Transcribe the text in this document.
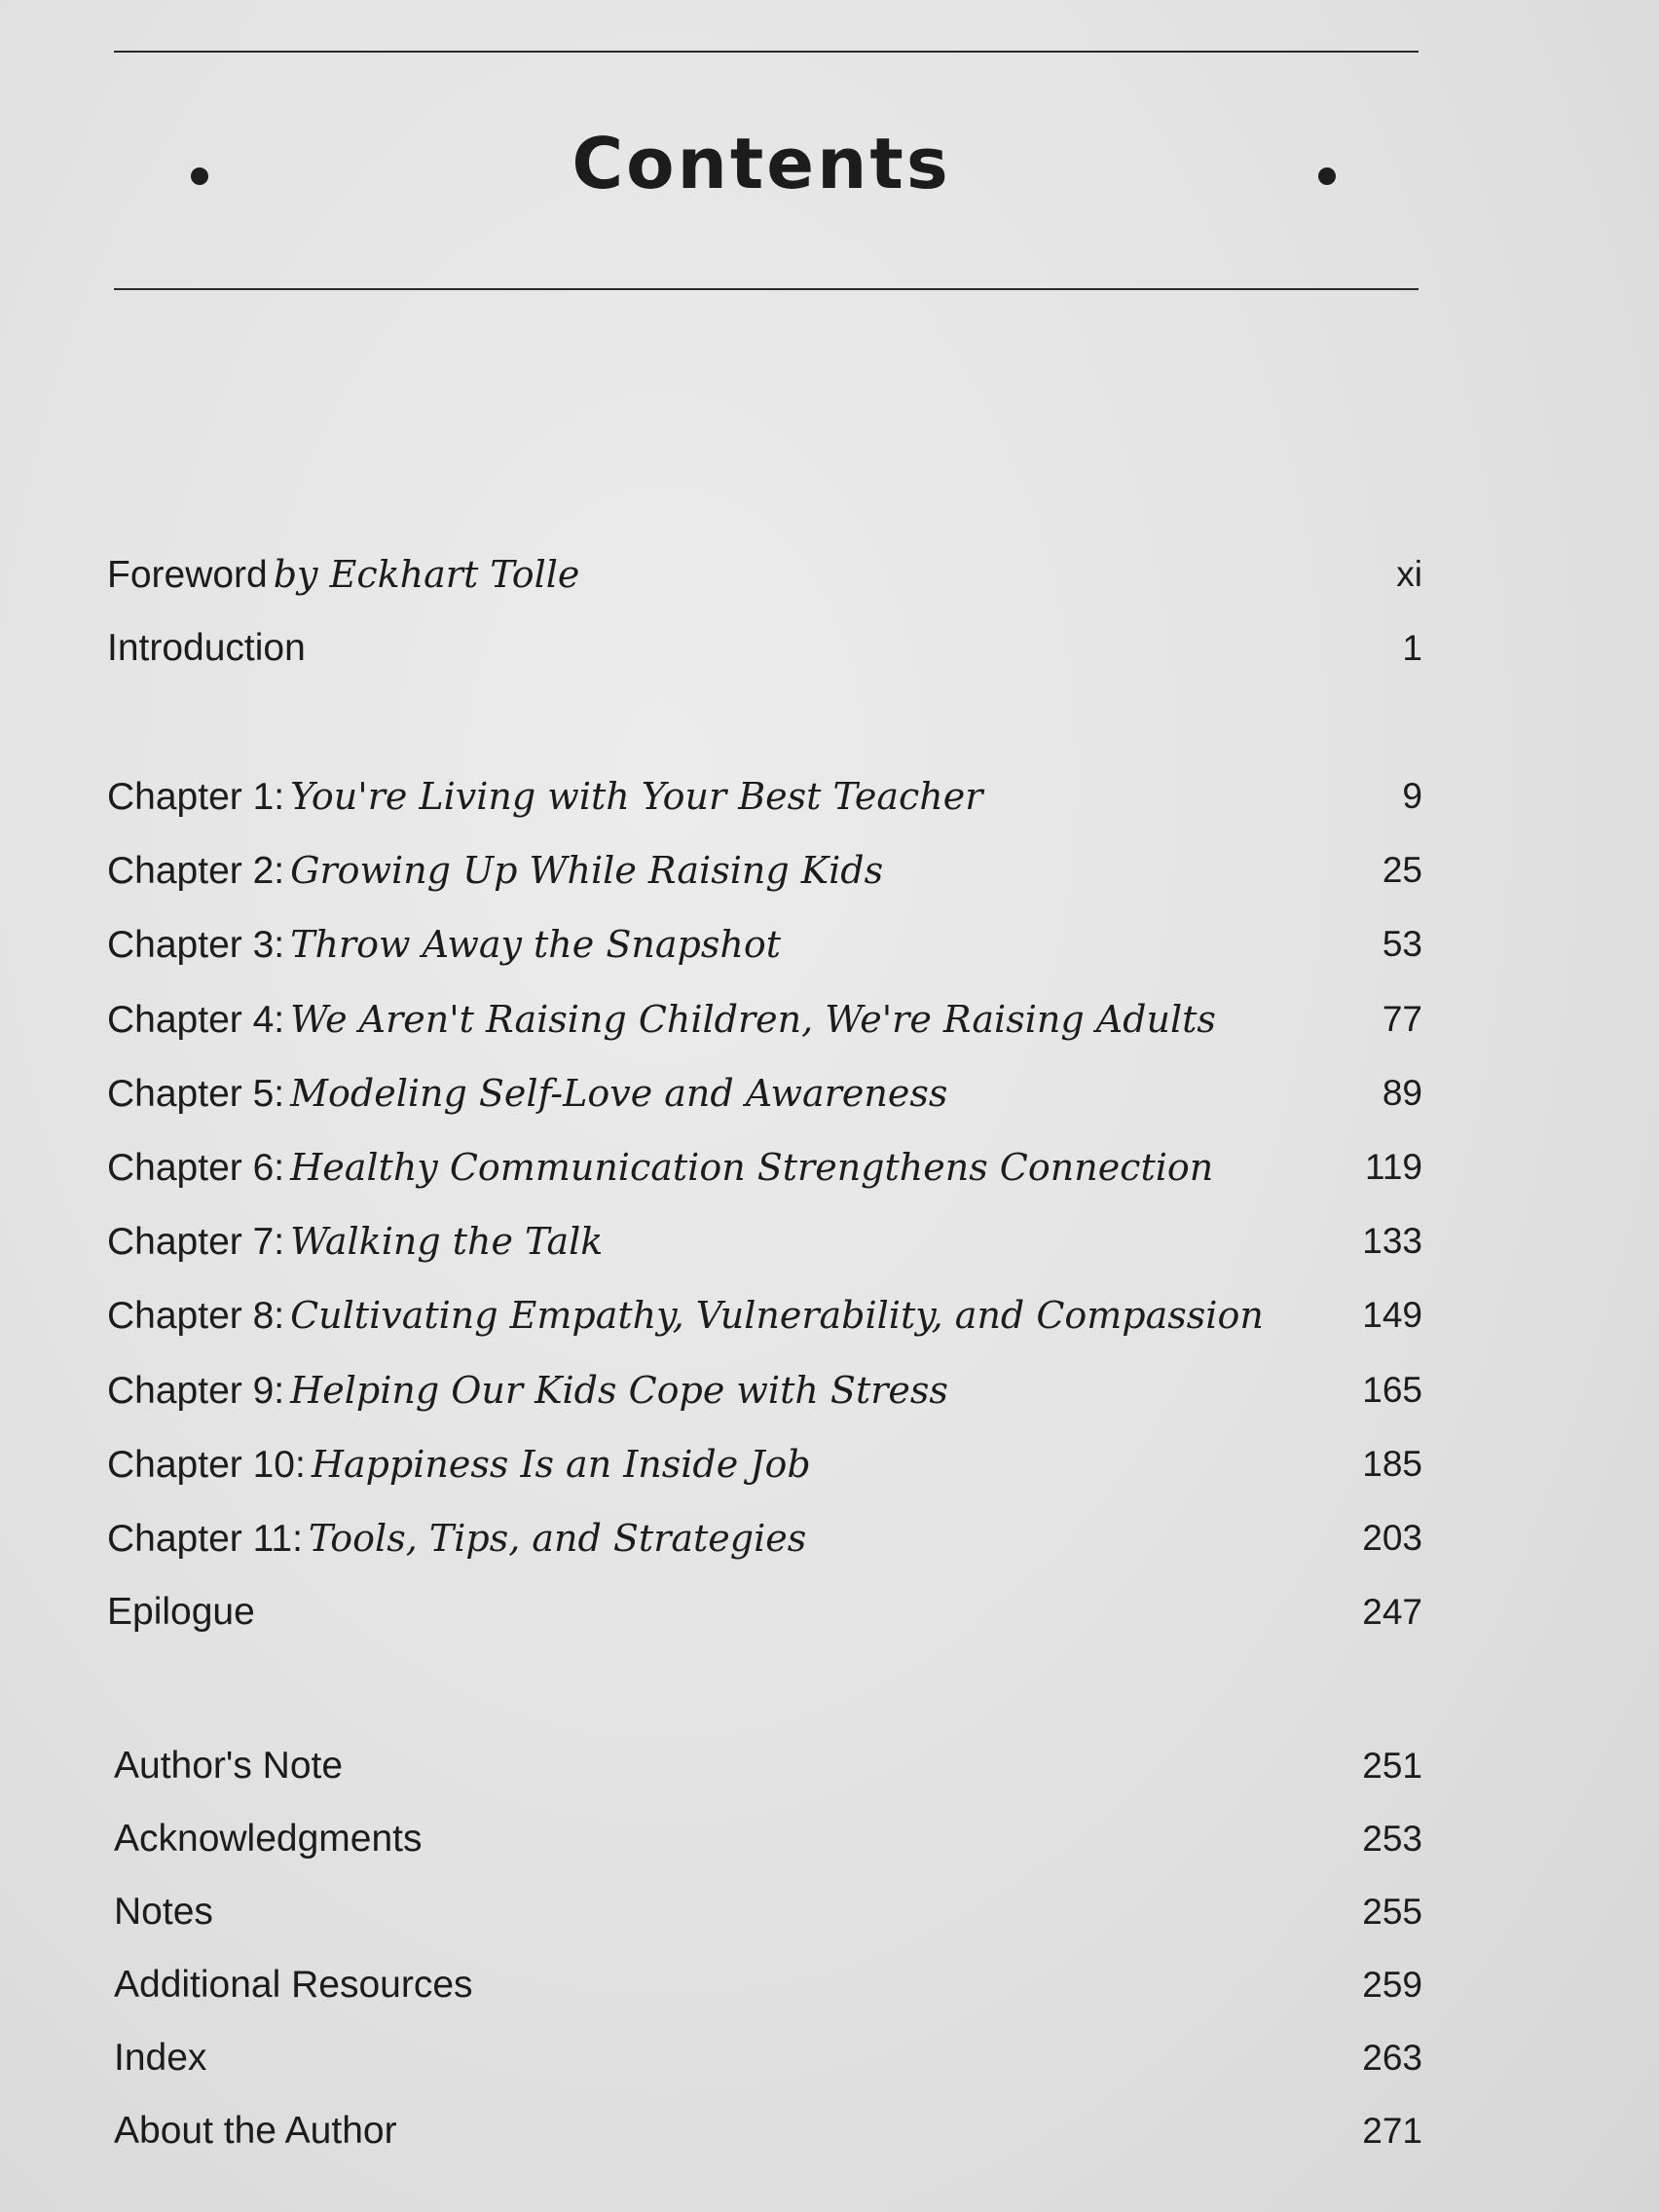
Contents
Foreword by Eckhart Tolle	xi
Introduction	1
Chapter 1: You're Living with Your Best Teacher	9
Chapter 2: Growing Up While Raising Kids	25
Chapter 3: Throw Away the Snapshot	53
Chapter 4: We Aren't Raising Children, We're Raising Adults	77
Chapter 5: Modeling Self-Love and Awareness	89
Chapter 6: Healthy Communication Strengthens Connection	119
Chapter 7: Walking the Talk	133
Chapter 8: Cultivating Empathy, Vulnerability, and Compassion	149
Chapter 9: Helping Our Kids Cope with Stress	165
Chapter 10: Happiness Is an Inside Job	185
Chapter 11: Tools, Tips, and Strategies	203
Epilogue	247
Author's Note	251
Acknowledgments	253
Notes	255
Additional Resources	259
Index	263
About the Author	271
